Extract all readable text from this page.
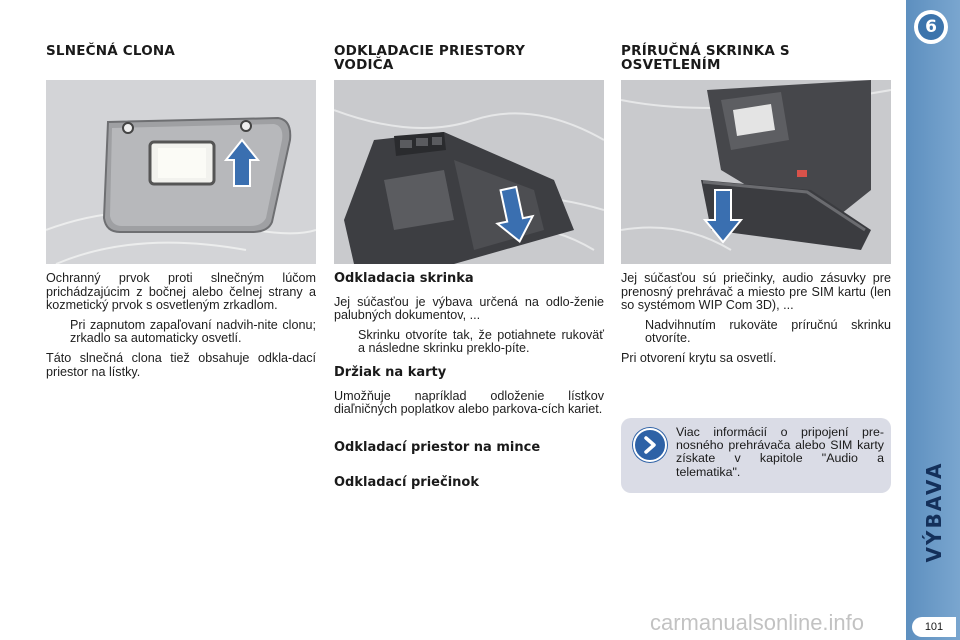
SLNEČNÁ CLONA

Ochranný prvok proti slnečným lúčom prichádzajúcim z bočnej alebo čelnej strany a kozmetický prvok s osvetleným zrkadlom.

Pri zapnutom zapaľovaní nadvih-nite clonu; zrkadlo sa automaticky osvetlí.

Táto slnečná clona tiež obsahuje odkla-dací priestor na lístky.

ODKLADACIE PRIESTORY VODIČA
Odkladacia skrinka

Jej súčasťou je výbava určená na odlo-ženie palubných dokumentov, ...

Skrinku otvoríte tak, že potiahnete rukoväť a následne skrinku preklo-píte.
Držiak na karty

Umožňuje napríklad odloženie lístkov diaľničných poplatkov alebo parkova-cích kariet.

Odkladací priestor na mince
Odkladací priečinok
PRÍRUČNÁ SKRINKA S OSVETLENÍM

Jej súčasťou sú priečinky, audio zásuvky pre prenosný prehrávač a miesto pre SIM kartu (len so systémom WIP Com 3D), ...

Nadvihnutím rukoväte príručnú skrinku otvoríte.

Pri otvorení krytu sa osvetlí.

Viac informácií o pripojení pre-nosného prehrávača alebo SIM karty získate v kapitole "Audio a telematika".
6
VÝBAVA
101
carmanualsonline.info
